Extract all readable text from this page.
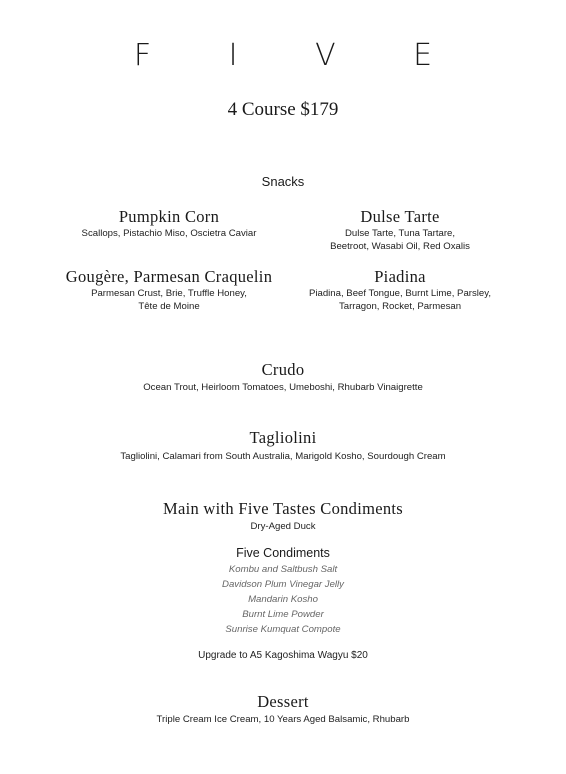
F I V E
4 Course $179
Snacks

Pumpkin Corn

Scallops, Pistachio Miso, Oscietra Caviar

Dulse Tarte

Dulse Tarte, Tuna Tartare, Beetroot, Wasabi Oil, Red Oxalis

Gougère, Parmesan Craquelin

Parmesan Crust, Brie, Truffle Honey, Tête de Moine

Piadina

Piadina, Beef Tongue, Burnt Lime, Parsley, Tarragon, Rocket, Parmesan

Crudo
Ocean Trout, Heirloom Tomatoes, Umeboshi, Rhubarb Vinaigrette
Tagliolini
Tagliolini, Calamari from South Australia, Marigold Kosho, Sourdough Cream
Main with Five Tastes Condiments
Dry-Aged Duck
Five Condiments
Kombu and Saltbush Salt
Davidson Plum Vinegar Jelly
Mandarin Kosho
Burnt Lime Powder
Sunrise Kumquat Compote
Upgrade to A5 Kagoshima Wagyu $20
Dessert
Triple Cream Ice Cream, 10 Years Aged Balsamic, Rhubarb
